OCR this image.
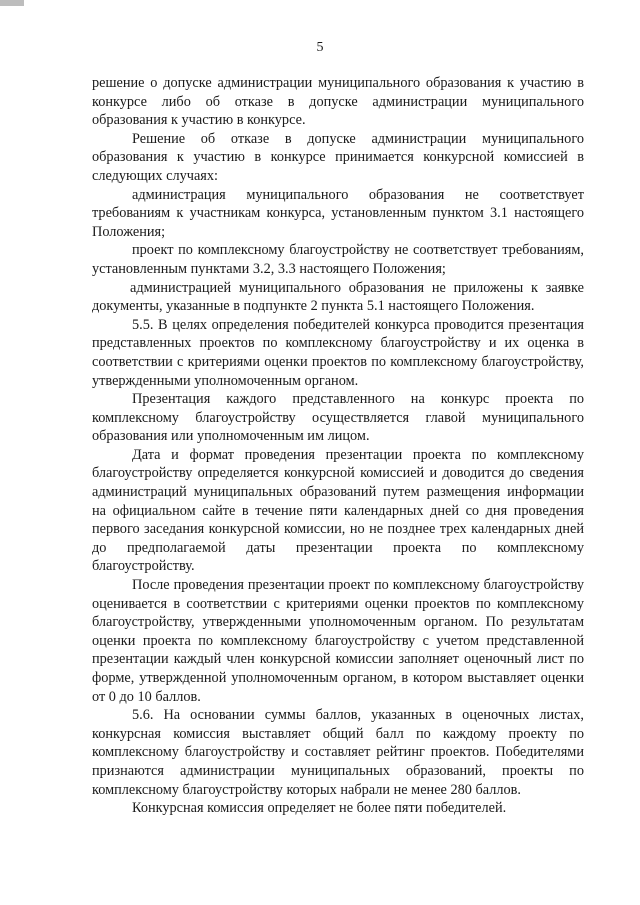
5

решение о допуске администрации муниципального образования к участию в конкурсе либо об отказе в допуске администрации муниципального образования к участию в конкурсе.

Решение об отказе в допуске администрации муниципального образования к участию в конкурсе принимается конкурсной комиссией в следующих случаях:

администрация муниципального образования не соответствует требованиям к участникам конкурса, установленным пунктом 3.1 настоящего Положения;

проект по комплексному благоустройству не соответствует требованиям, установленным пунктами 3.2, 3.3 настоящего Положения;

администрацией муниципального образования не приложены к заявке документы, указанные в подпункте 2 пункта 5.1 настоящего Положения.

5.5. В целях определения победителей конкурса проводится презентация представленных проектов по комплексному благоустройству и их оценка в соответствии с критериями оценки проектов по комплексному благоустройству, утвержденными уполномоченным органом.

Презентация каждого представленного на конкурс проекта по комплексному благоустройству осуществляется главой муниципального образования или уполномоченным им лицом.

Дата и формат проведения презентации проекта по комплексному благоустройству определяется конкурсной комиссией и доводится до сведения администраций муниципальных образований путем размещения информации на официальном сайте в течение пяти календарных дней со дня проведения первого заседания конкурсной комиссии, но не позднее трех календарных дней до предполагаемой даты презентации проекта по комплексному благоустройству.

После проведения презентации проект по комплексному благоустройству оценивается в соответствии с критериями оценки проектов по комплексному благоустройству, утвержденными уполномоченным органом. По результатам оценки проекта по комплексному благоустройству с учетом представленной презентации каждый член конкурсной комиссии заполняет оценочный лист по форме, утвержденной уполномоченным органом, в котором выставляет оценки от 0 до 10 баллов.

5.6. На основании суммы баллов, указанных в оценочных листах, конкурсная комиссия выставляет общий балл по каждому проекту по комплексному благоустройству и составляет рейтинг проектов. Победителями признаются администрации муниципальных образований, проекты по комплексному благоустройству которых набрали не менее 280 баллов.

Конкурсная комиссия определяет не более пяти победителей.
